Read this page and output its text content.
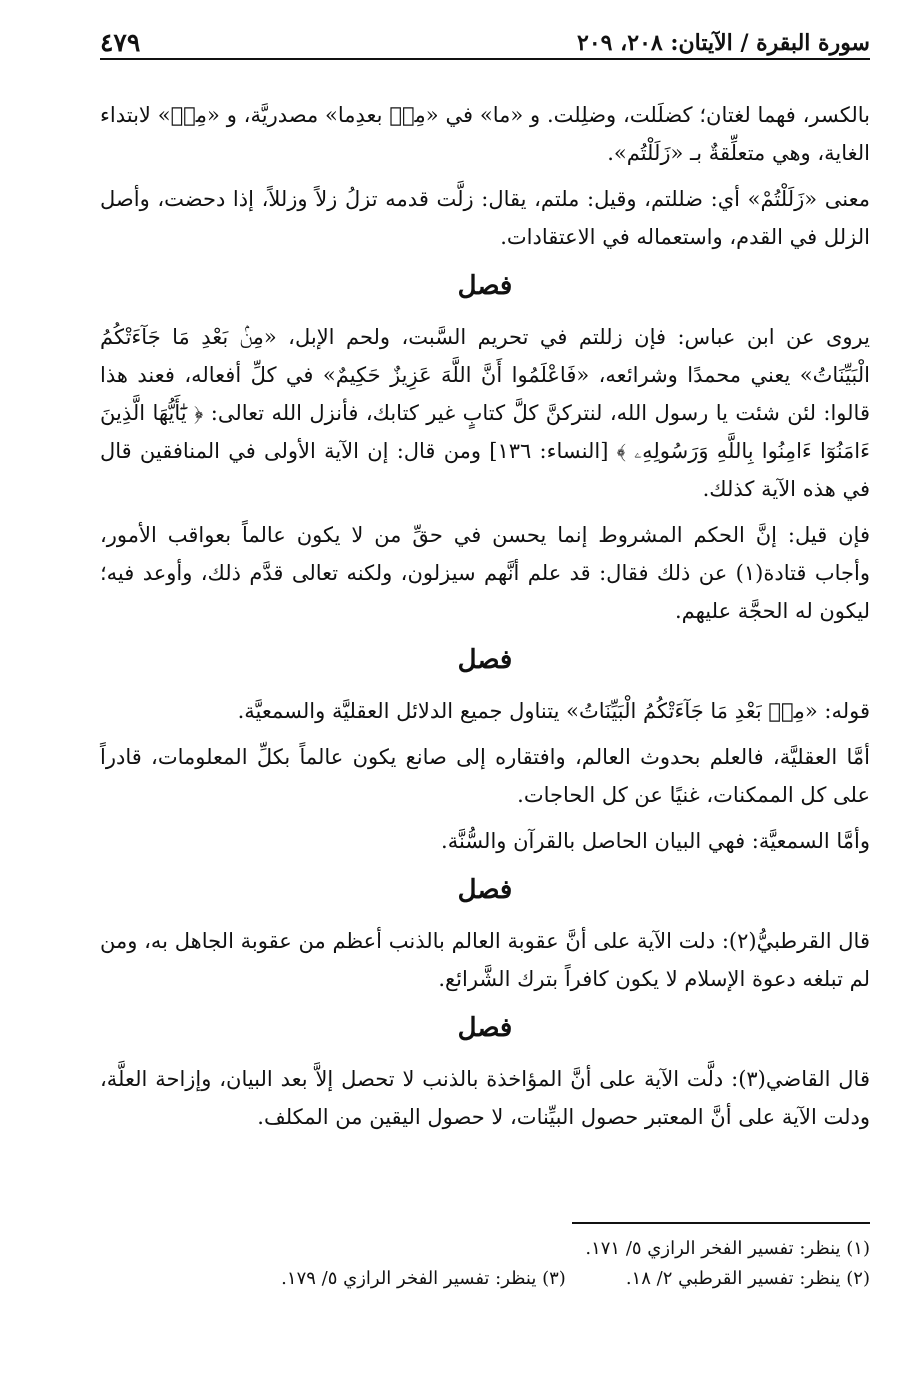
٤٧٩	سورة البقرة / الآيتان: ٢٠٨، ٢٠٩

بالكسر، فهما لغتان؛ كضلَلت، وضلِلت. و «ما» في «مِنۢ بعدِما» مصدريَّة، و «مِنۢ» لابتداء الغاية، وهي متعلِّقةٌ بـ «زَلَلْتُم».

معنى «زَلَلْتُمْ» أي: ضللتم، وقيل: ملتم، يقال: زلَّت قدمه تزلُ زلاً وزللاً، إذا دحضت، وأصل الزلل في القدم، واستعماله في الاعتقادات.

فصل

يروى عن ابن عباس: فإن زللتم في تحريم السَّبت، ولحم الإبل، «مِنۢ بَعْدِ مَا جَآءَتْكُمُ الْبَيِّنَاتُ» يعني محمدًا وشرائعه، «فَاعْلَمُوا أَنَّ اللَّهَ عَزِيزٌ حَكِيمٌ» في كلِّ أفعاله، فعند هذا قالوا: لئن شئت يا رسول الله، لنتركنَّ كلَّ كتابٍ غير كتابك، فأنزل الله تعالى: ﴿ يَٰٓأَيُّهَا الَّذِينَ ءَامَنُوٓا ءَامِنُوا بِاللَّهِ وَرَسُولِهِۦ ﴾ [النساء: ١٣٦] ومن قال: إن الآية الأولى في المنافقين قال في هذه الآية كذلك.

فإن قيل: إنَّ الحكم المشروط إنما يحسن في حقِّ من لا يكون عالماً بعواقب الأمور، وأجاب قتادة(١) عن ذلك فقال: قد علم أنَّهم سيزلون، ولكنه تعالى قدَّم ذلك، وأوعد فيه؛ ليكون له الحجَّة عليهم.

فصل

قوله: «مِنۢ بَعْدِ مَا جَآءَتْكُمُ الْبَيِّنَاتُ» يتناول جميع الدلائل العقليَّة والسمعيَّة.

أمَّا العقليَّة، فالعلم بحدوث العالم، وافتقاره إلى صانع يكون عالماً بكلِّ المعلومات، قادراً على كل الممكنات، غنيًا عن كل الحاجات.

وأمَّا السمعيَّة: فهي البيان الحاصل بالقرآن والسُّنَّة.

فصل

قال القرطبيُّ(٢): دلت الآية على أنَّ عقوبة العالم بالذنب أعظم من عقوبة الجاهل به، ومن لم تبلغه دعوة الإسلام لا يكون كافراً بترك الشَّرائع.

فصل

قال القاضي(٣): دلَّت الآية على أنَّ المؤاخذة بالذنب لا تحصل إلاَّ بعد البيان، وإزاحة العلَّة، ودلت الآية على أنَّ المعتبر حصول البيِّنات، لا حصول اليقين من المكلف.

(١) ينظر: تفسير الفخر الرازي ٥/ ١٧١.
(٢) ينظر: تفسير القرطبي ٢/ ١٨.
(٣) ينظر: تفسير الفخر الرازي ٥/ ١٧٩.
